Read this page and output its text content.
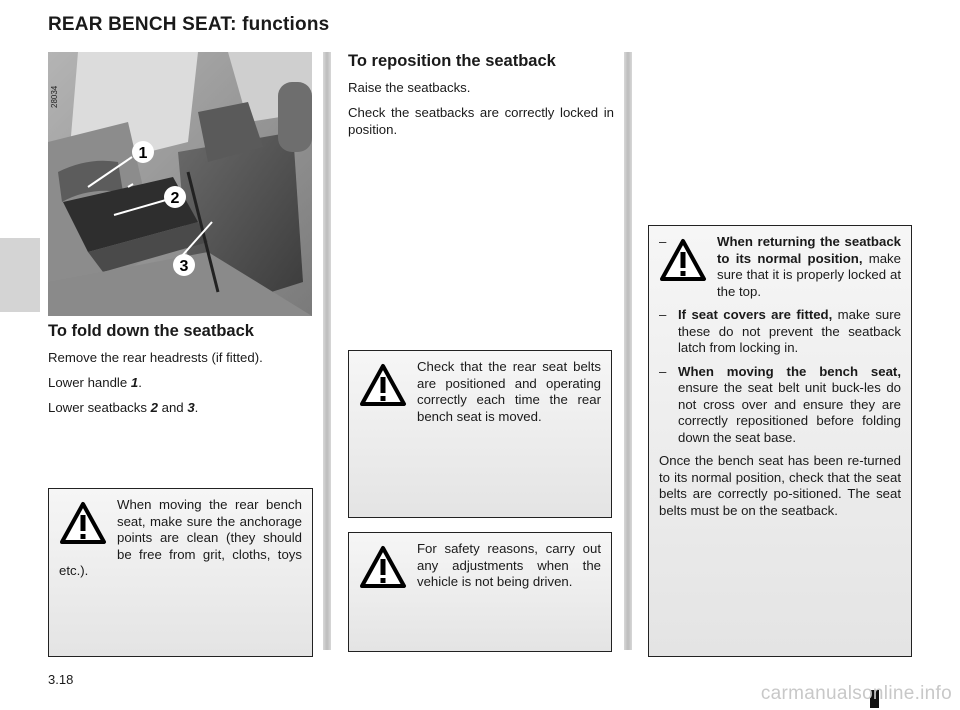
REAR BENCH SEAT: functions
1
2
3
28034
To fold down the seatback

Remove the rear headrests (if fitted).

Lower handle 1.

Lower seatbacks 2 and 3.

To reposition the seatback

Raise the seatbacks.

Check the seatbacks are correctly locked in position.

When moving the rear bench seat, make sure the anchorage points are clean (they should be free from grit, cloths, toys etc.).

Check that the rear seat belts are positioned and operating correctly each time the rear bench seat is moved.

For safety reasons, carry out any adjustments when the vehicle is not being driven.

– When returning the seatback to its normal position, make sure that it is properly locked at the top.
– If seat covers are fitted, make sure these do not prevent the seatback latch from locking in.
– When moving the bench seat, ensure the seat belt unit buck-les do not cross over and ensure they are correctly repositioned before folding down the seat base.

Once the bench seat has been re-turned to its normal position, check that the seat belts are correctly po-sitioned. The seat belts must be on the seatback.

3.18
carmanualsonline.info
